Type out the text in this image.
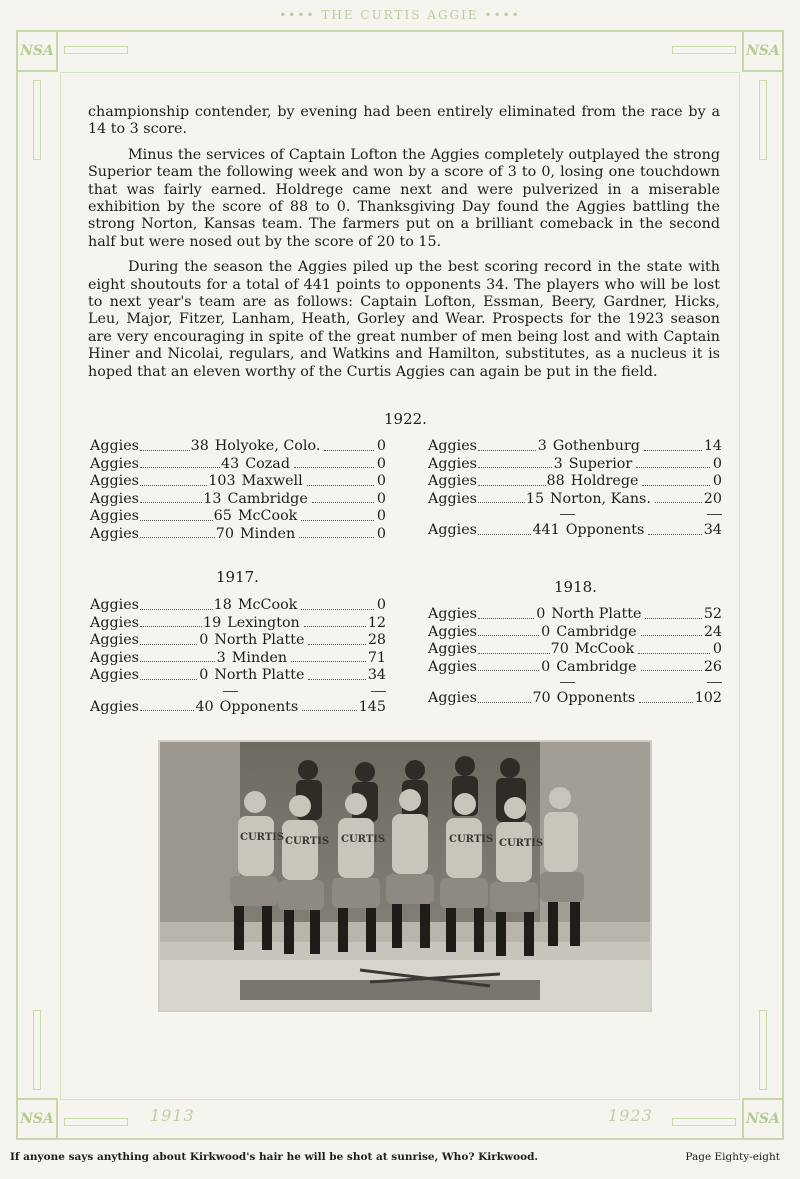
•••• THE CURTIS AGGIE ••••
NSA	NSA
NSA	NSA
1913	1923

championship contender, by evening had been entirely eliminated from the race by a 14 to 3 score.

Minus the services of Captain Lofton the Aggies completely outplayed the strong Superior team the following week and won by a score of 3 to 0, losing one touchdown that was fairly earned. Holdrege came next and were pulverized in a miserable exhibition by the score of 88 to 0. Thanksgiving Day found the Aggies battling the strong Norton, Kansas team. The farmers put on a brilliant comeback in the second half but were nosed out by the score of 20 to 15.

During the season the Aggies piled up the best scoring record in the state with eight shoutouts for a total of 441 points to opponents 34. The players who will be lost to next year's team are as follows: Captain Lofton, Essman, Beery, Gardner, Hicks, Leu, Major, Fitzer, Lanham, Heath, Gorley and Wear. Prospects for the 1923 season are very encouraging in spite of the great number of men being lost and with Captain Hiner and Nicolai, regulars, and Watkins and Hamilton, substitutes, as a nucleus it is hoped that an eleven worthy of the Curtis Aggies can again be put in the field.

1922.
Aggies	38 Holyoke, Colo.	0
Aggies	43 Cozad	0
Aggies	103 Maxwell	0
Aggies	13 Cambridge	0
Aggies	65 McCook	0
Aggies	70 Minden	0
Aggies	3 Gothenburg	14
Aggies	3 Superior	0
Aggies	88 Holdrege	0
Aggies	15 Norton, Kans.	20
Aggies	441 Opponents	34
1917.
Aggies	18 McCook	0
Aggies	19 Lexington	12
Aggies	0 North Platte	28
Aggies	3 Minden	71
Aggies	0 North Platte	34
Aggies	40 Opponents	145
1918.
Aggies	0 North Platte	52
Aggies	0 Cambridge	24
Aggies	70 McCook	0
Aggies	0 Cambridge	26
Aggies	70 Opponents	102
CURTIS CURTIS CURTIS	CURTIS CURTIS
If anyone says anything about Kirkwood's hair he will be shot at sunrise, Who? Kirkwood.	Page Eighty-eight
